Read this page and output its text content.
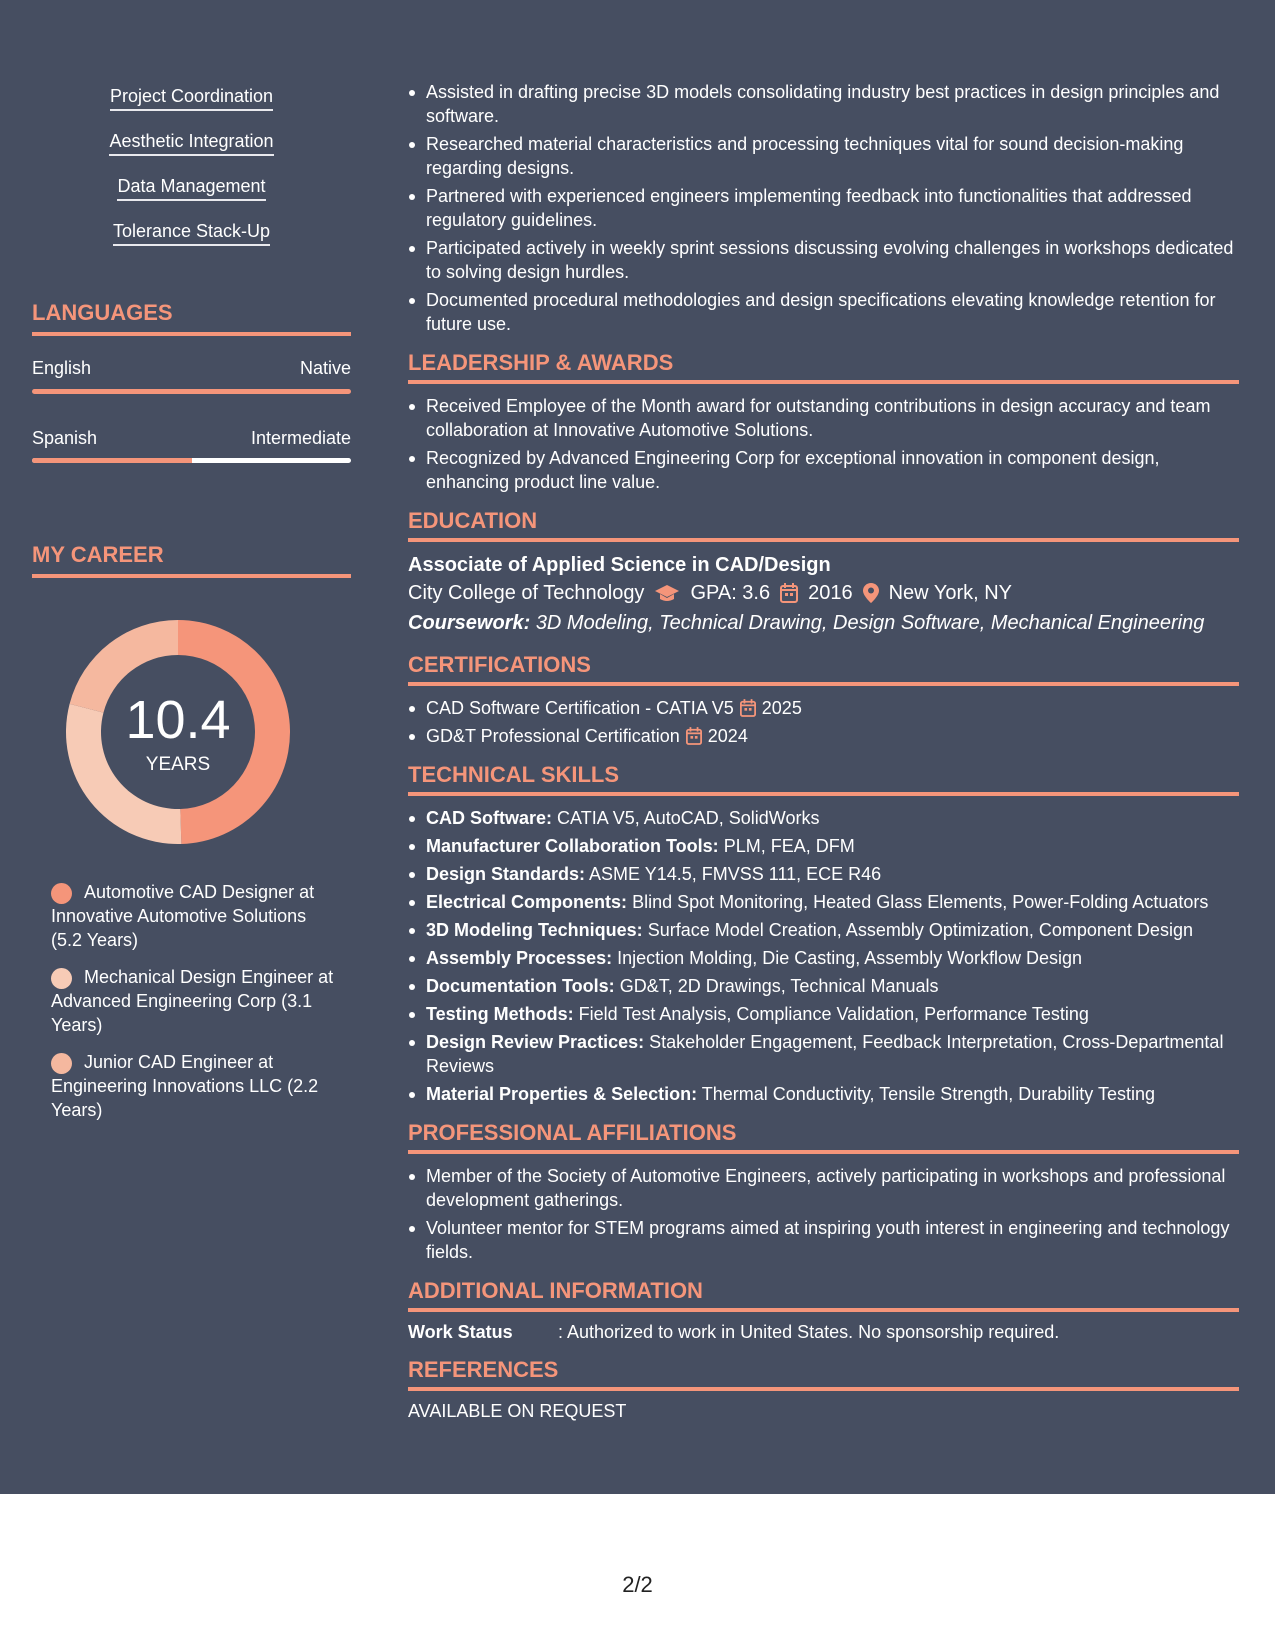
Project Coordination
Aesthetic Integration
Data Management
Tolerance Stack-Up
LANGUAGES
English	Native
Spanish	Intermediate
MY CAREER
10.4
YEARS
Automotive CAD Designer at Innovative Automotive Solutions (5.2 Years)
Mechanical Design Engineer at Advanced Engineering Corp (3.1 Years)
Junior CAD Engineer at Engineering Innovations LLC (2.2 Years)
Assisted in drafting precise 3D models consolidating industry best practices in design principles and software.
Researched material characteristics and processing techniques vital for sound decision-making regarding designs.
Partnered with experienced engineers implementing feedback into functionalities that addressed regulatory guidelines.
Participated actively in weekly sprint sessions discussing evolving challenges in workshops dedicated to solving design hurdles.
Documented procedural methodologies and design specifications elevating knowledge retention for future use.
LEADERSHIP & AWARDS
Received Employee of the Month award for outstanding contributions in design accuracy and team collaboration at Innovative Automotive Solutions.
Recognized by Advanced Engineering Corp for exceptional innovation in component design, enhancing product line value.
EDUCATION
Associate of Applied Science in CAD/Design
City College of Technology GPA: 3.6 2016 New York, NY
Coursework: 3D Modeling, Technical Drawing, Design Software, Mechanical Engineering
CERTIFICATIONS
CAD Software Certification - CATIA V5 2025
GD&T Professional Certification 2024
TECHNICAL SKILLS
CAD Software: CATIA V5, AutoCAD, SolidWorks
Manufacturer Collaboration Tools: PLM, FEA, DFM
Design Standards: ASME Y14.5, FMVSS 111, ECE R46
Electrical Components: Blind Spot Monitoring, Heated Glass Elements, Power-Folding Actuators
3D Modeling Techniques: Surface Model Creation, Assembly Optimization, Component Design
Assembly Processes: Injection Molding, Die Casting, Assembly Workflow Design
Documentation Tools: GD&T, 2D Drawings, Technical Manuals
Testing Methods: Field Test Analysis, Compliance Validation, Performance Testing
Design Review Practices: Stakeholder Engagement, Feedback Interpretation, Cross-Departmental Reviews
Material Properties & Selection: Thermal Conductivity, Tensile Strength, Durability Testing
PROFESSIONAL AFFILIATIONS
Member of the Society of Automotive Engineers, actively participating in workshops and professional development gatherings.
Volunteer mentor for STEM programs aimed at inspiring youth interest in engineering and technology fields.
ADDITIONAL INFORMATION
Work Status	: Authorized to work in United States. No sponsorship required.
REFERENCES
AVAILABLE ON REQUEST
2/2
